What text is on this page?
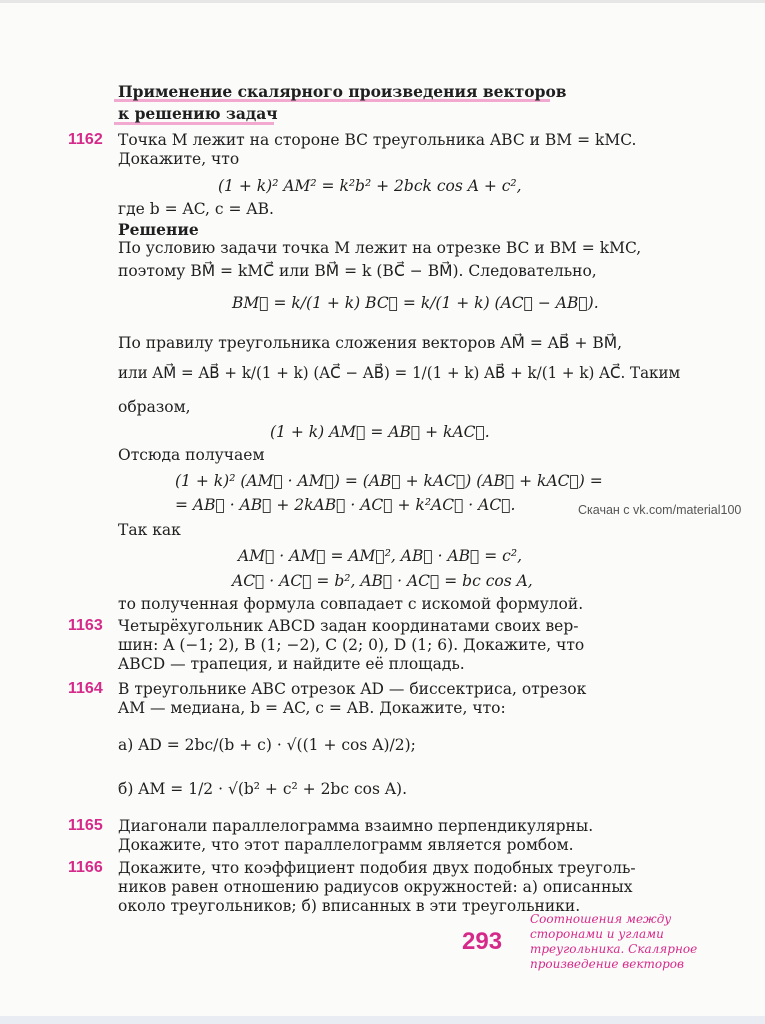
Применение скалярного произведения векторов
к решению задач
1162 Точка M лежит на стороне BC треугольника ABC и BM = kMC.
Докажите, что
(1 + k)² AM² = k²b² + 2bck cos A + c²,
где b = AC, c = AB.
Решение
По условию задачи точка M лежит на отрезке BC и BM = kMC,
поэтому BM⃗ = kMC⃗ или BM⃗ = k (BC⃗ − BM⃗). Следовательно,
BM⃗ = k/(1 + k) BC⃗ = k/(1 + k) (AC⃗ − AB⃗).
По правилу треугольника сложения векторов AM⃗ = AB⃗ + BM⃗,
или AM⃗ = AB⃗ + k/(1 + k) (AC⃗ − AB⃗) = 1/(1 + k) AB⃗ + k/(1 + k) AC⃗. Таким
образом,
(1 + k) AM⃗ = AB⃗ + kAC⃗.
Отсюда получаем
(1 + k)² (AM⃗ · AM⃗) = (AB⃗ + kAC⃗) (AB⃗ + kAC⃗) =
= AB⃗ · AB⃗ + 2kAB⃗ · AC⃗ + k²AC⃗ · AC⃗.
Так как
AM⃗ · AM⃗ = AM⃗², AB⃗ · AB⃗ = c²,
AC⃗ · AC⃗ = b², AB⃗ · AC⃗ = bc cos A,
то полученная формула совпадает с искомой формулой.
1163 Четырёхугольник ABCD задан координатами своих вер-
шин: A (−1; 2), B (1; −2), C (2; 0), D (1; 6). Докажите, что
ABCD — трапеция, и найдите её площадь.
1164 В треугольнике ABC отрезок AD — биссектриса, отрезок
AM — медиана, b = AC, c = AB. Докажите, что:
а) AD = 2bc/(b + c) · √((1 + cos A)/2);
б) AM = 1/2 · √(b² + c² + 2bc cos A).
1165 Диагонали параллелограмма взаимно перпендикулярны.
Докажите, что этот параллелограмм является ромбом.
1166 Докажите, что коэффициент подобия двух подобных треуголь-
ников равен отношению радиусов окружностей: а) описанных
около треугольников; б) вписанных в эти треугольники.
Скачан с vk.com/material100
293
Соотношения между
сторонами и углами
треугольника. Скалярное
произведение векторов
